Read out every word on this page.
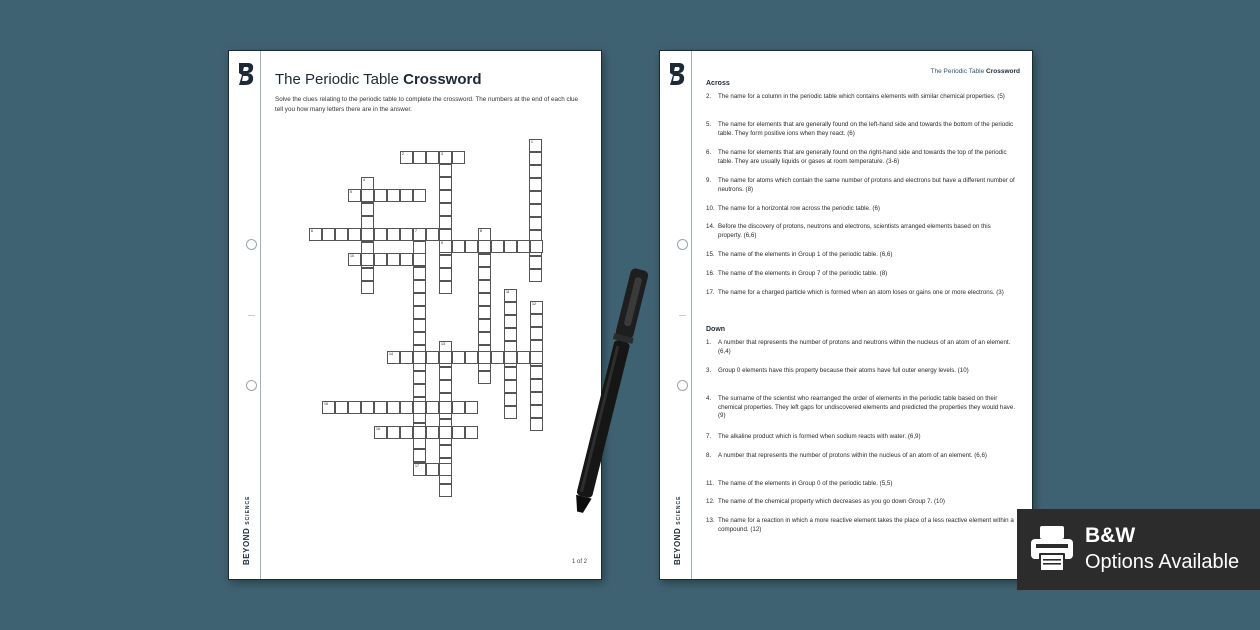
The Periodic Table Crossword
Solve the clues relating to the periodic table to complete the crossword. The numbers at the end of each clue tell you how many letters there are in the answer.
1
2	3
4
5
6	7	8
9
10
11
12
13
14
15
16
17
BEYONDSCIENCE
1 of 2
The Periodic Table Crossword
Across
2.	The name for a column in the periodic table which contains elements with similar chemical properties. (5)
5.	The name for elements that are generally found on the left-hand side and towards the bottom of the periodic table. They form positive ions when they react. (6)
6.	The name for elements that are generally found on the right-hand side and towards the top of the periodic table. They are usually liquids or gases at room temperature. (3-6)
9.	The name for atoms which contain the same number of protons and electrons but have a different number of neutrons. (8)
10. The name for a horizontal row across the periodic table. (6)
14. Before the discovery of protons, neutrons and electrons, scientists arranged elements based on this property. (6,6)
15. The name of the elements in Group 1 of the periodic table. (6,6)
16. The name of the elements in Group 7 of the periodic table. (8)
17. The name for a charged particle which is formed when an atom loses or gains one or more electrons. (3)
Down
1.	A number that represents the number of protons and neutrons within the nucleus of an atom of an element. (6,4)
3.	Group 0 elements have this property because their atoms have full outer energy levels. (10)
4.	The surname of the scientist who rearranged the order of elements in the periodic table based on their chemical properties. They left gaps for undiscovered elements and predicted the properties they would have. (9)
7.	The alkaline product which is formed when sodium reacts with water. (6,9)
8.	A number that represents the number of protons within the nucleus of an atom of an element. (6,6)
11. The name of the elements in Group 0 of the periodic table. (5,5)
12. The name of the chemical property which decreases as you go down Group 7. (10)
13. The name for a reaction in which a more reactive element takes the place of a less reactive element within a compound. (12)
BEYONDSCIENCE
B&W
Options Available
